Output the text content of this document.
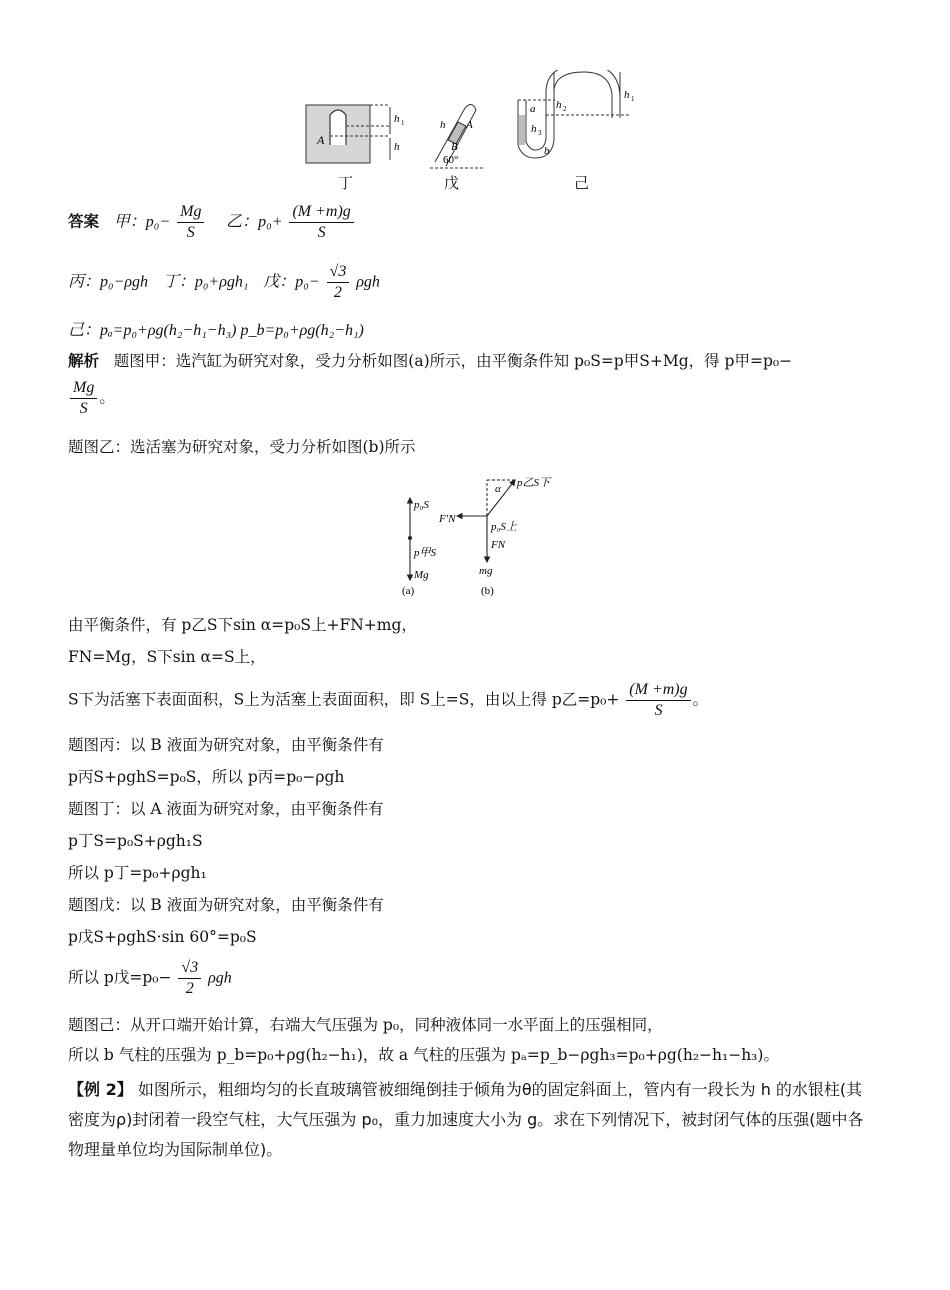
A
h 1
h
h A
B
60°
a
b
h 2
h 3
h 1
丁	戊	己
答案 甲：$p_0- \frac{Mg}{S}$ 乙：$p_0+ \frac{(M +m)g}{S}$
丙：p₀−ρgh 丁：p₀+ρgh₁ 戊：$p_0- \frac{√3}{2}$ ρgh
己：pₐ=p₀+ρg(h₂−h₁−h₃) p_b=p₀+ρg(h₂−h₁)
解析 题图甲：选汽缸为研究对象，受力分析如图(a)所示，由平衡条件知 p₀S=p甲S+Mg，得 p甲=p₀−
$\frac{Mg}{S}$ 。
题图乙：选活塞为研究对象，受力分析如图(b)所示
p₀S
p甲S
Mg
(a)
α p乙S下
F′N
p₀S上
FN
mg
(b)
由平衡条件，有 p乙S下sin α=p₀S上+FN+mg，
FN=Mg，S下sin α=S上，
S下为活塞下表面面积，S上为活塞上表面面积，即 S上=S，由以上得 p乙$=p_0+ \frac{(M +m)g}{S}$ 。
题图丙：以 B 液面为研究对象，由平衡条件有
p丙S+ρghS=p₀S，所以 p丙=p₀−ρgh
题图丁：以 A 液面为研究对象，由平衡条件有
p丁S=p₀S+ρgh₁S
所以 p丁=p₀+ρgh₁
题图戊：以 B 液面为研究对象，由平衡条件有
p戊S+ρghS·sin 60°=p₀S
所以 p戊$=p_0- \frac{√3}{2}$ ρgh
题图己：从开口端开始计算，右端大气压强为 p₀，同种液体同一水平面上的压强相同，
所以 b 气柱的压强为 p_b=p₀+ρg(h₂−h₁)，故 a 气柱的压强为 pₐ=p_b−ρgh₃=p₀+ρg(h₂−h₁−h₃)。
【例 2】 如图所示，粗细均匀的长直玻璃管被细绳倒挂于倾角为θ的固定斜面上，管内有一段长为 h 的水银柱(其密度为ρ)封闭着一段空气柱，大气压强为 p₀，重力加速度大小为 g。求在下列情况下，被封闭气体的压强(题中各物理量单位均为国际制单位)。
